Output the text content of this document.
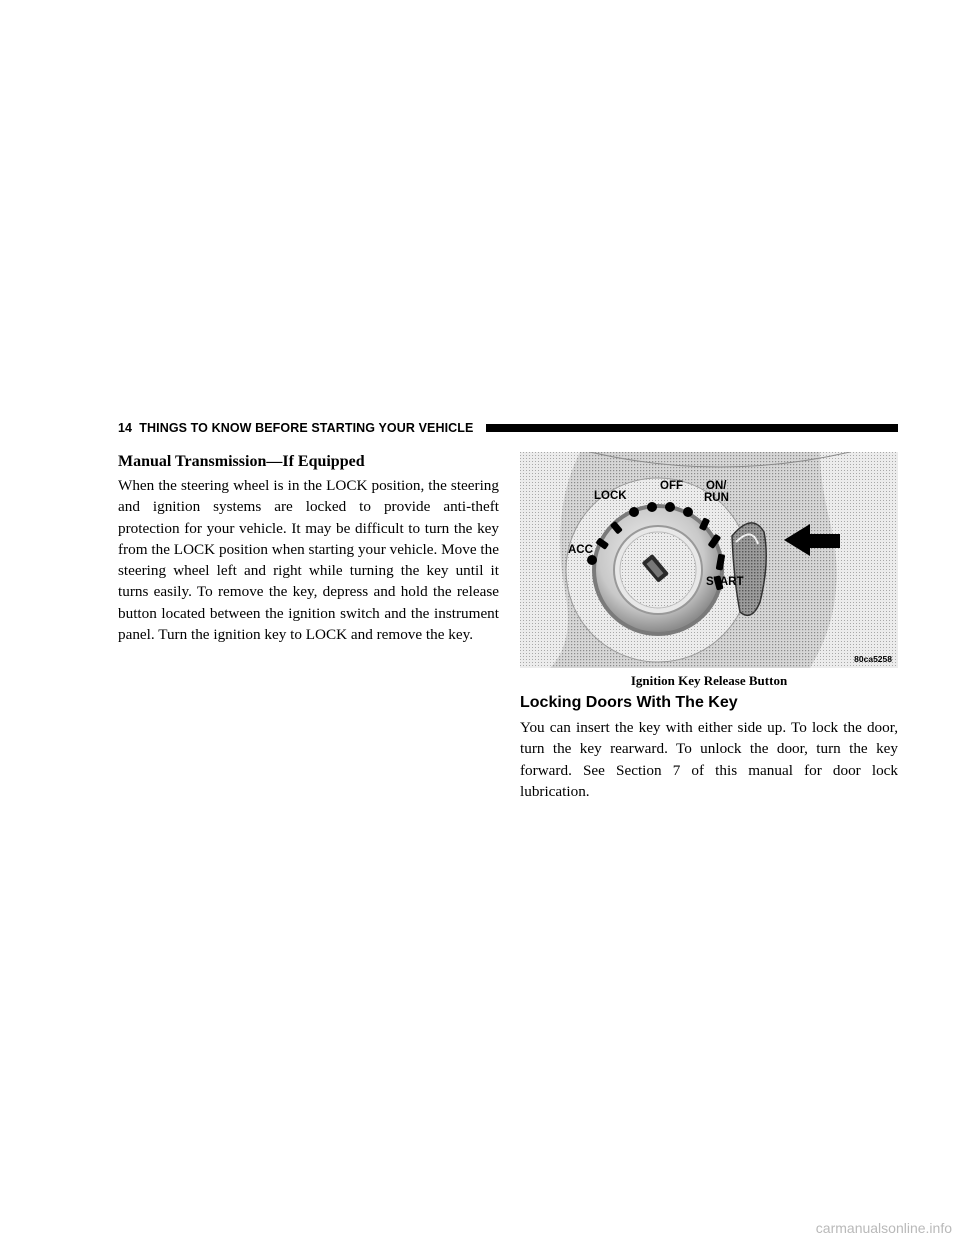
14 THINGS TO KNOW BEFORE STARTING YOUR VEHICLE
Manual Transmission—If Equipped

When the steering wheel is in the LOCK position, the steering and ignition systems are locked to provide anti-theft protection for your vehicle. It may be difficult to turn the key from the LOCK position when starting your vehicle. Move the steering wheel left and right while turning the key until it turns easily. To remove the key, depress and hold the release button located between the ignition switch and the instrument panel. Turn the ignition key to LOCK and remove the key.

LOCK
OFF ON/
RUN
ACC
START
80ca5258
Ignition Key Release Button
Locking Doors With The Key

You can insert the key with either side up. To lock the door, turn the key rearward. To unlock the door, turn the key forward. See Section 7 of this manual for door lock lubrication.

carmanualsonline.info
